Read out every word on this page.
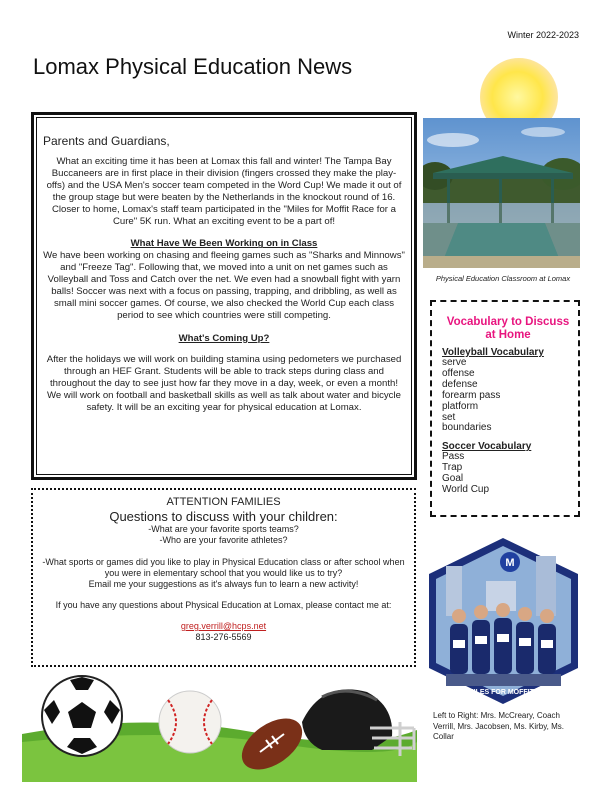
Winter 2022-2023
Lomax Physical Education News
Parents and Guardians,

What an exciting time it has been at Lomax this fall and winter! The Tampa Bay Buccaneers are in first place in their division (fingers crossed they make the play-offs) and the USA Men's soccer team competed in the Word Cup! We made it out of the group stage but were beaten by the Netherlands in the knockout round of 16. Closer to home, Lomax's staff team participated in the "Miles for Moffit Race for a Cure" 5K run. What an exciting event to be a part of!

What Have We Been Working on in Class

We have been working on chasing and fleeing games such as "Sharks and Minnows" and "Freeze Tag". Following that, we moved into a unit on net games such as Volleyball and Toss and Catch over the net. We even had a snowball fight with yarn balls! Soccer was next with a focus on passing, trapping, and dribbling, as well as small mini soccer games. Of course, we also checked the World Cup each class period to see which countries were still competing.

What's Coming Up?

After the holidays we will work on building stamina using pedometers we purchased through an HEF Grant. Students will be able to track steps during class and throughout the day to see just how far they move in a day, week, or even a month! We will work on football and basketball skills as well as talk about water and bicycle safety. It will be an exciting year for physical education at Lomax.

Physical Education Classroom at Lomax
Vocabulary to Discuss at Home
Volleyball Vocabulary
serve
offense
defense
forearm pass
platform
set
boundaries
Soccer Vocabulary
Pass
Trap
Goal
World Cup
ATTENTION FAMILIES
Questions to discuss with your children:
-What are your favorite sports teams?
-Who are your favorite athletes?
-What sports or games did you like to play in Physical Education class or after school when you were in elementary school that you would like us to try?
Email me your suggestions as it's always fun to learn a new activity!
If you have any questions about Physical Education at Lomax, please contact me at:
greg.verrill@hcps.net
813-276-5569
M
MILES FOR MOFFITT
Left to Right: Mrs. McCreary, Coach Verrill, Mrs. Jacobsen, Ms. Kirby, Ms. Collar
